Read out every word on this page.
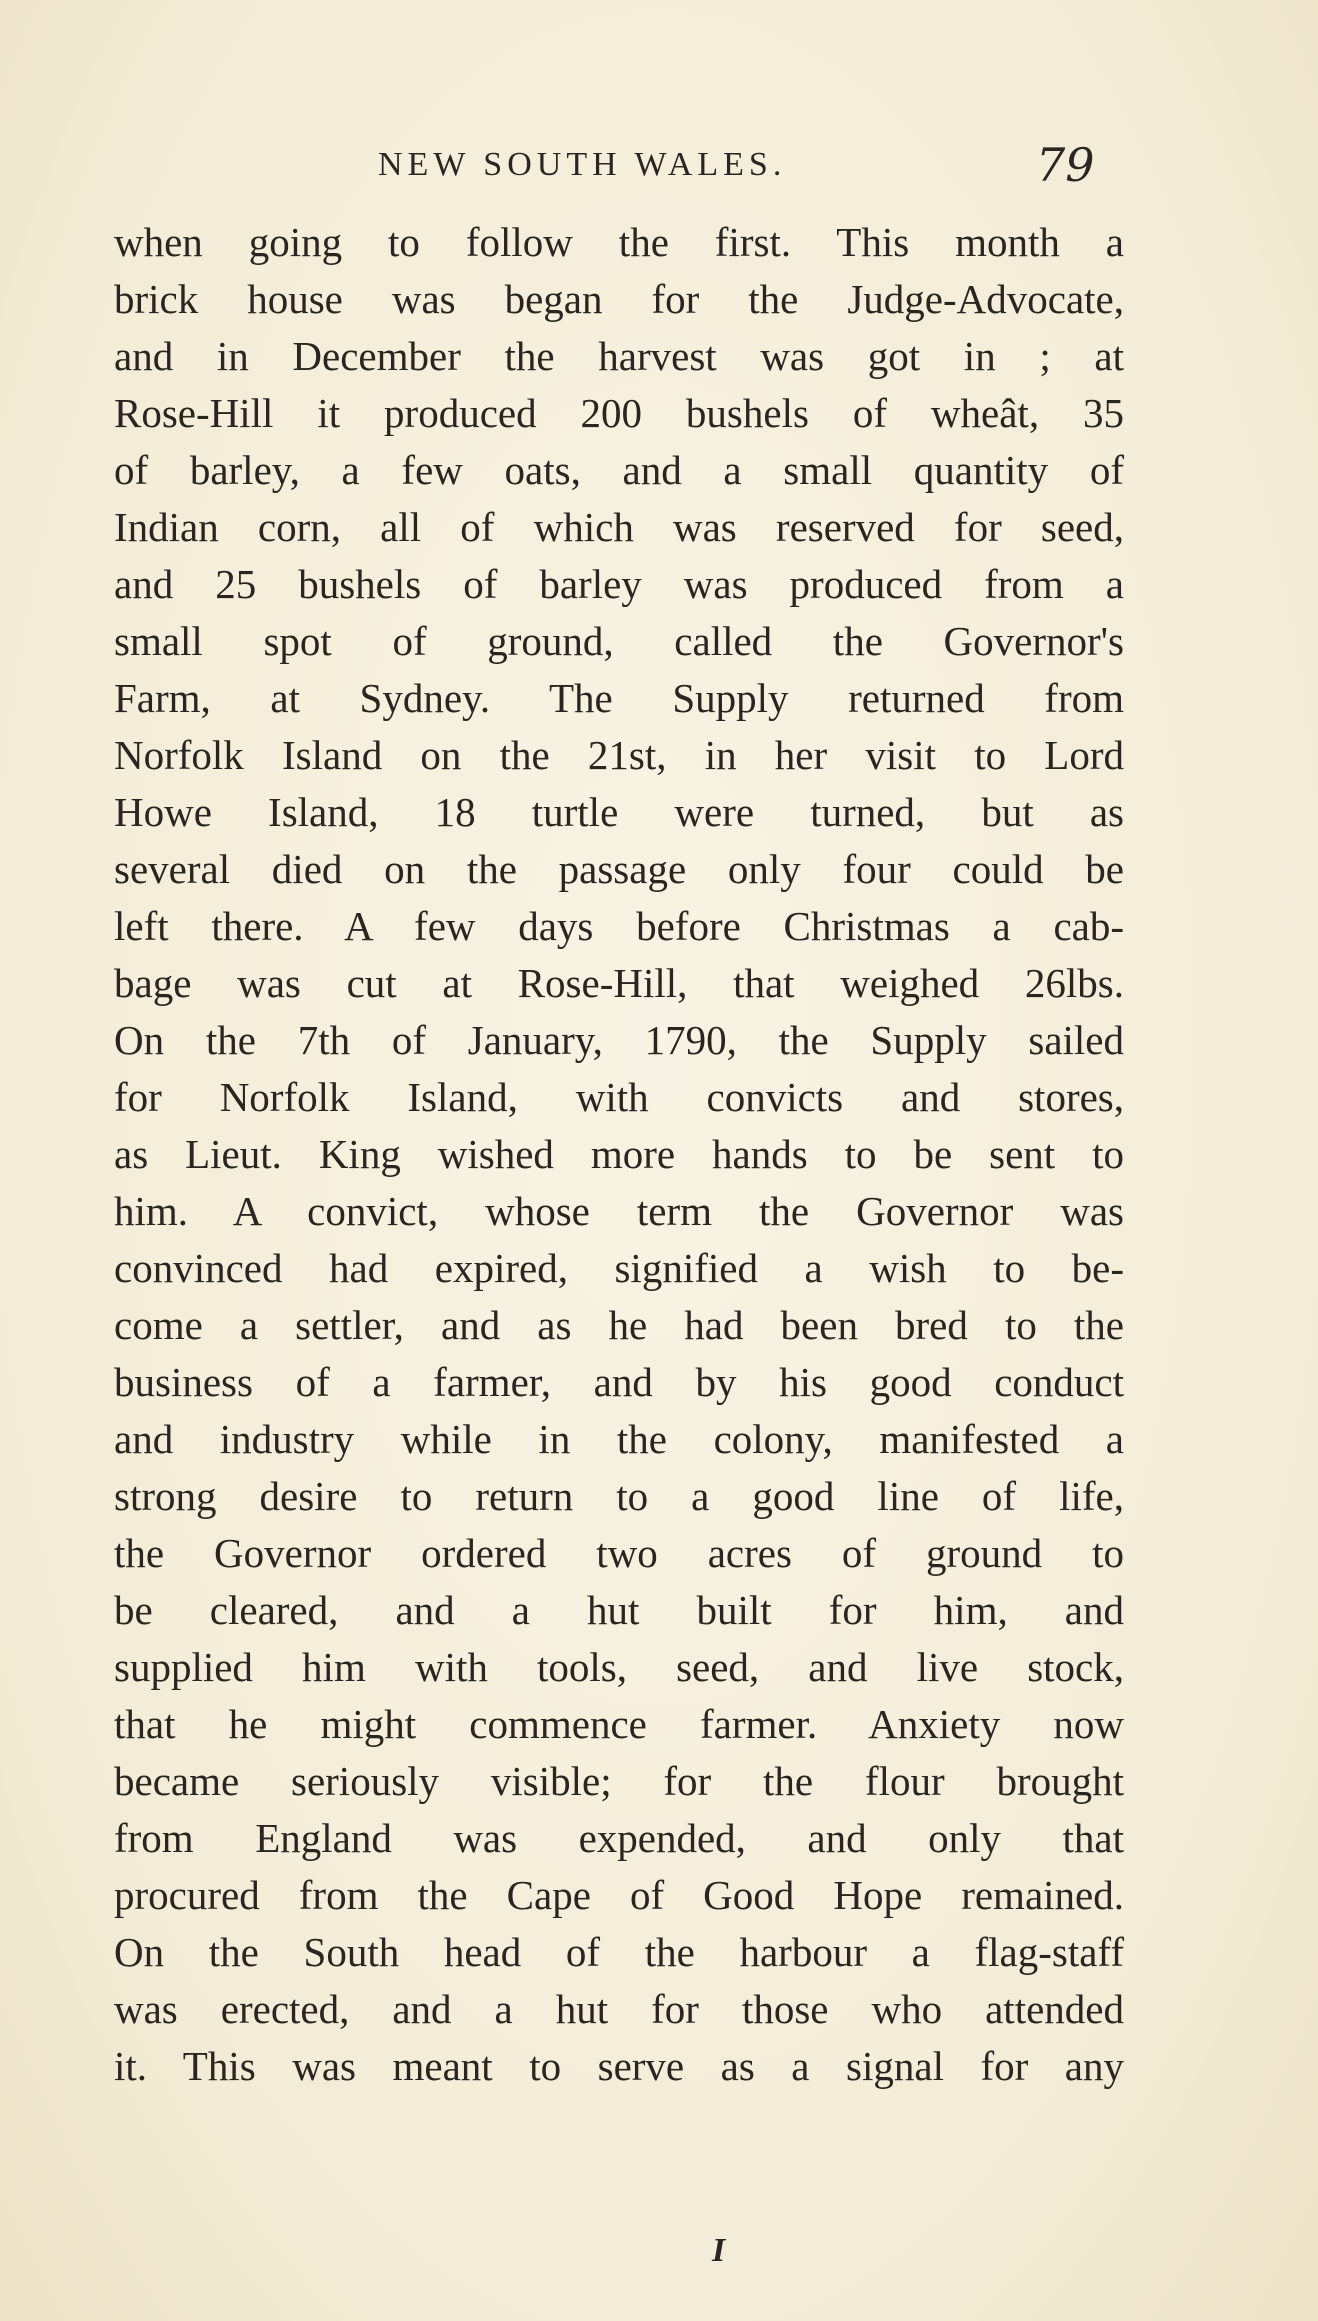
NEW SOUTH WALES.	79
when going to follow the first. This month a
brick house was began for the Judge-Advocate,
and in December the harvest was got in ; at
Rose-Hill it produced 200 bushels of wheât, 35
of barley, a few oats, and a small quantity of
Indian corn, all of which was reserved for seed,
and 25 bushels of barley was produced from a
small spot of ground, called the Governor's
Farm, at Sydney. The Supply returned from
Norfolk Island on the 21st, in her visit to Lord
Howe Island, 18 turtle were turned, but as
several died on the passage only four could be
left there. A few days before Christmas a cab-
bage was cut at Rose-Hill, that weighed 26lbs.
On the 7th of January, 1790, the Supply sailed
for Norfolk Island, with convicts and stores,
as Lieut. King wished more hands to be sent to
him. A convict, whose term the Governor was
convinced had expired, signified a wish to be-
come a settler, and as he had been bred to the
business of a farmer, and by his good conduct
and industry while in the colony, manifested a
strong desire to return to a good line of life,
the Governor ordered two acres of ground to
be cleared, and a hut built for him, and
supplied him with tools, seed, and live stock,
that he might commence farmer. Anxiety now
became seriously visible; for the flour brought
from England was expended, and only that
procured from the Cape of Good Hope remained.
On the South head of the harbour a flag-staff
was erected, and a hut for those who attended
it. This was meant to serve as a signal for any
I
